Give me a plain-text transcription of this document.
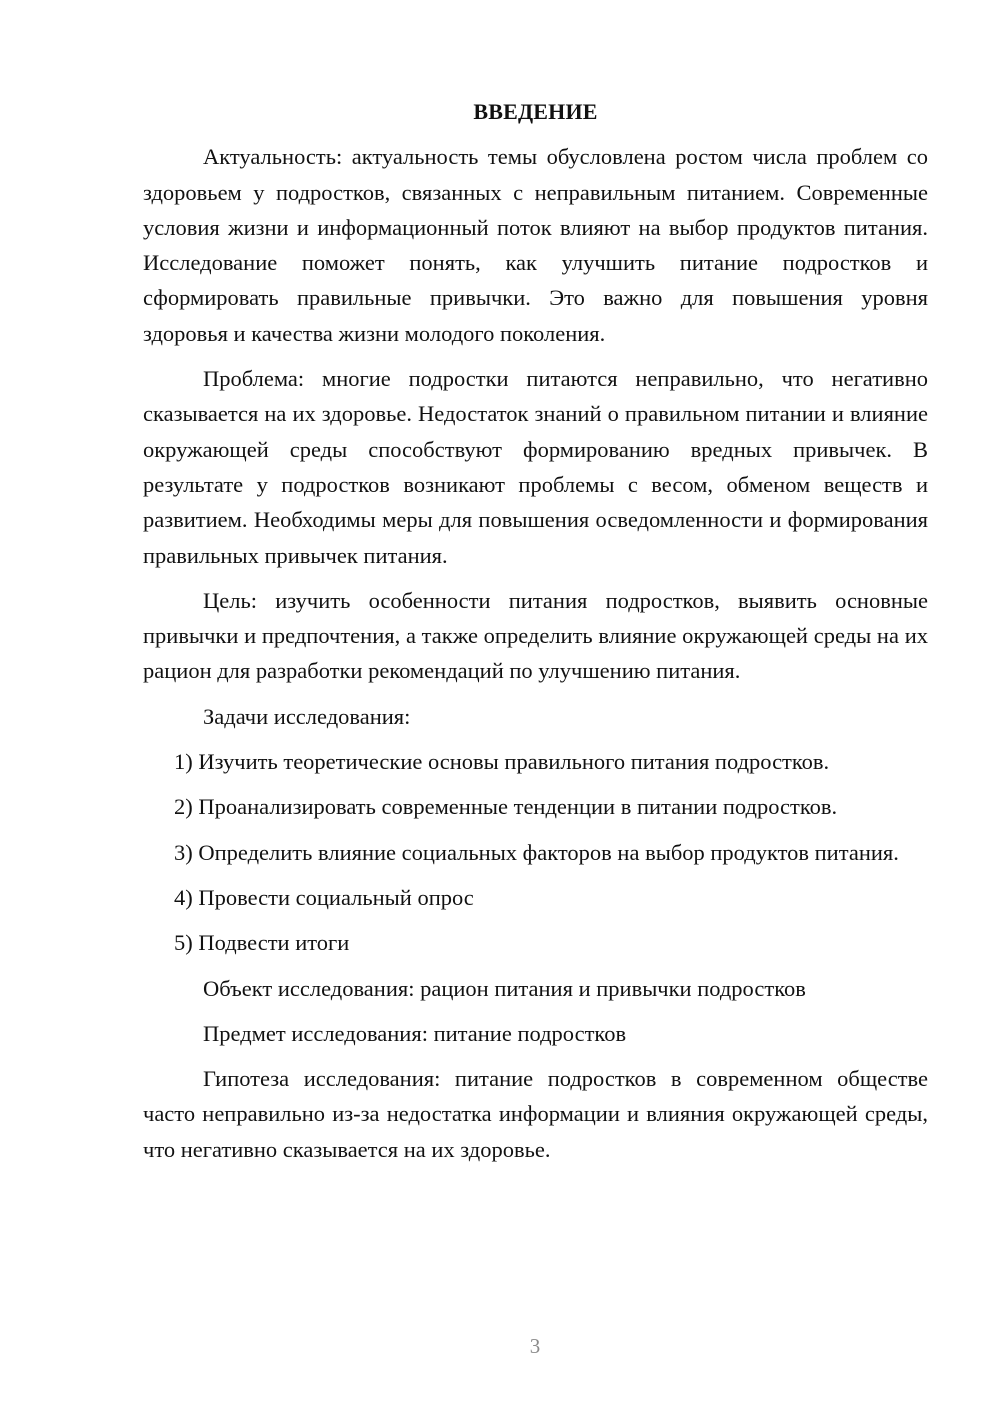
ВВЕДЕНИЕ

Актуальность: актуальность темы обусловлена ростом числа проблем со здоровьем у подростков, связанных с неправильным питанием. Современные условия жизни и информационный поток влияют на выбор продуктов питания. Исследование поможет понять, как улучшить питание подростков и сформировать правильные привычки. Это важно для повышения уровня здоровья и качества жизни молодого поколения.

Проблема: многие подростки питаются неправильно, что негативно сказывается на их здоровье. Недостаток знаний о правильном питании и влияние окружающей среды способствуют формированию вредных привычек. В результате у подростков возникают проблемы с весом, обменом веществ и развитием. Необходимы меры для повышения осведомленности и формирования правильных привычек питания.

Цель: изучить особенности питания подростков, выявить основные привычки и предпочтения, а также определить влияние окружающей среды на их рацион для разработки рекомендаций по улучшению питания.

Задачи исследования:

1) Изучить теоретические основы правильного питания подростков.

2) Проанализировать современные тенденции в питании подростков.

3) Определить влияние социальных факторов на выбор продуктов питания.

4) Провести социальный опрос

5) Подвести итоги

Объект исследования: рацион питания и привычки подростков

Предмет исследования: питание подростков

Гипотеза исследования: питание подростков в современном обществе часто неправильно из-за недостатка информации и влияния окружающей среды, что негативно сказывается на их здоровье.

3
